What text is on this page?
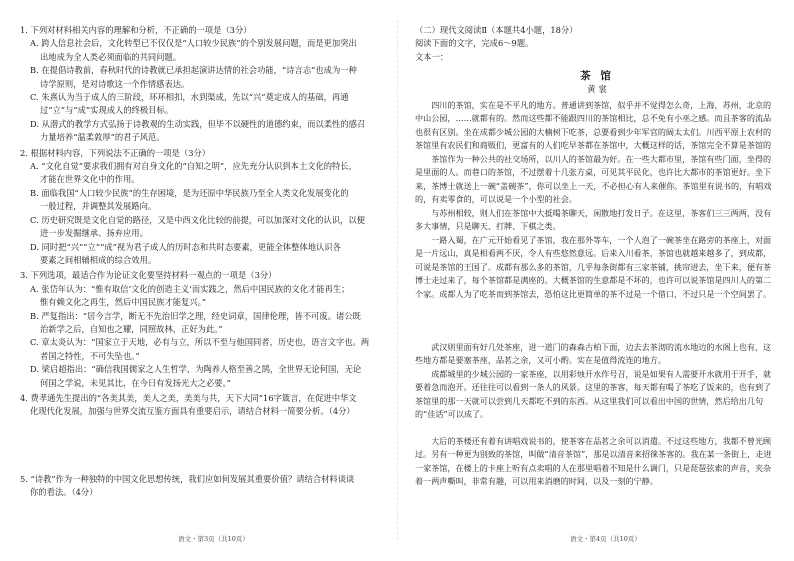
1. 下列对材料相关内容的理解和分析，不正确的一项是（3分）
A. 跨人信息社会后，文化转型已不仅仅是“人口较少民族”的个别发展问题，而是更加突出
出地成为全人类必须面临的共同问题。
B. 在提倡诗教前，春秋时代的诗教就已承担起演讲达情的社会功能，“诗言志”也成为一种
诗学原则，是对诗歌这一个作情感表达。
C. 朱熹认为当于成人的三阶段，环环相扣，水到渠成，先以“兴”奠定成人的基础，再通
过“立”与“成”实现成人的终极目标。
D. 从潜式的教学方式弘扬于诗教观的生动实践，但毕不以硬性的道德约束，而以柔性的感召
力量培养“温柔敦厚”的君子风范。
2. 根据材料内容，下列说法不正确的一项是（3分）
A. “文化自觉”要求我们拥有对自身文化的“自知之明”，应先充分认识到本土文化的特长，
才能在世界文化中的作用。
B. 面临我国“人口较少民族”的生存困境，是为还原中华民族乃至全人类文化发展变化的
一般过程，并调整其发展路向。
C. 历史研究既是文化自觉的路径，又是中西文化比较的前提，可以加深对文化的认识，以便
进一步发掘继承、扬弃应用。
D. 同时把“兴”“立”“成”视为君子成人的历时态和共时态要素，更能全体整体地认识各
要素之间相辅相成的综合效用。
3. 下列选项，最适合作为论证文化要坚持材料一观点的一项是（3分）
A. 张岱年认为：“惟有取信‘文化的创造主义’而实践之，然后中国民族的文化才能再生；
惟有赖文化之再生，然后中国民族才能复兴。”
B. 严复指出：“居今言学，断无不先治旧学之理，经史词章，国律伦理，皆不可废。诸公既
治新学之后，自知也之耀，同照故林，正好为此。”
C. 章太炎认为：“国家立于天地，必有与立，所以不至与他国同者，历史也，语言文字也。两
者国之特性，不可失坠也。”
D. 梁启超指出：“确信我国儒家之人生哲学，为陶养人格至善之鹄，全世界无论何国，无论
何国之学说，未见其比，在今日有发扬光大之必要。”
4. 费孝通先生提出的“各美其美，美人之美，美美与共，天下大同”16字箴言，在促进中华文
化现代化发展，加强与世界交流互鉴方面具有重要启示，请结合材料一简要分析。（4分）
5. “诗教”作为一种独特的中国文化思想传统，我们应如何发展其重要价值？请结合材料谈谈
你的看法。（4分）
语文・第3页（共10页）
（二）现代文阅读Ⅱ（本题共4小题，18分）
阅读下面的文字，完成6～9题。
文本一：
茶 馆
黄 裳
四川的茶馆，实在是不平凡的地方。普通讲到茶馆，似乎并不觉得怎么奇，上海，苏州，北京的中山公园，……就都有的。然而这些都不能跟四川的茶馆相比，总不免有小巫之感。而且茶客的流品也很有区别。坐在成都少城公园的大楠树下吃茶，总要看到少年军官的阔太太们。川西平原上农村的茶馆里有农民们和商贩们，更富有的人们吃早茶都在茶馆中，大概这样的话，茶馆完全不算是茶馆的
茶馆作为一种公共的社交场所，以川人的茶馆最为好。在一些大都市里，茶馆有些门面，坐得的是里面的人。而巷口的茶馆，不过摆着十几张方桌，可见其平民化，也许比大都市的茶馆更好。坐下来，茶博士就送上一碗“盖碗茶”，你可以坐上一天，不必担心有人来催你。茶馆里有说书的，有唱戏的，有卖零食的，可以说是一个小型的社会。
与苏州相较，则人们在茶馆中大抵喝茶聊天，闲散地打发日子。在这里，茶客们三三两两，没有多大事情，只是聊天、打牌、下棋之类。
一路入蜀，在广元开始看见了茶馆，我在那外等车，一个人泡了一碗茶坐在路旁的茶座上，对面是一片远山，真是相看两不厌，令人有些悠然意远。后来入川看茶，茶馆也就越来越多了，到成都，可说是茶馆的王国了。成都有那么多的茶馆，几乎每条街都有三家茶铺，挑帘进去，坐下来，便有茶博士走过来了，每个茶馆都是满座的。大概茶馆的生意都是不坏的，也许可以说茶馆是四川人的第二个家。成都人为了吃茶而到茶馆去，恐怕这比更简单的茶不过是一个借口，不过只是一个空间罢了。
武汉则里面有好几处茶座，进一道门的森森古柏下面，边去去茶沏的流水地边的水阁上也有，这些地方都是要塞茶座，品茗之余，又可小酌。实在是值得流连的地方。
成都城里的少城公园的一家茶座，以用彩烛开水作号召，说是如果有人需要开水就用于开手，就要着急而泡开。还往往可以看到一条人的风景。这里的茶客，每天都有喝了茶吃了饭来的，也有到了茶馆里的那一天就可以尝到几天都吃不到的东西。从这里我们可以看出中国的世情，然后给出几句的“佳话”可以成了。
大后的茶楼还有着有讲唱戏说书的，使茶客在品茗之余可以消遣。不过这些地方，我都不曾光顾过。另有一种更为别致的茶馆，叫做“清音茶馆”，那是以清音来招徕茶客的。我在某一条街上，走进一家茶馆，在楼上的卡座上听有点卖唱的人在那里唱着不知是什么调门，只是琵琶弦索的声音，夹杂着一两声嘶叫，非常有趣，可以用来消磨的时间，以及一刻的宁静。
语文・第4页（共10页）
